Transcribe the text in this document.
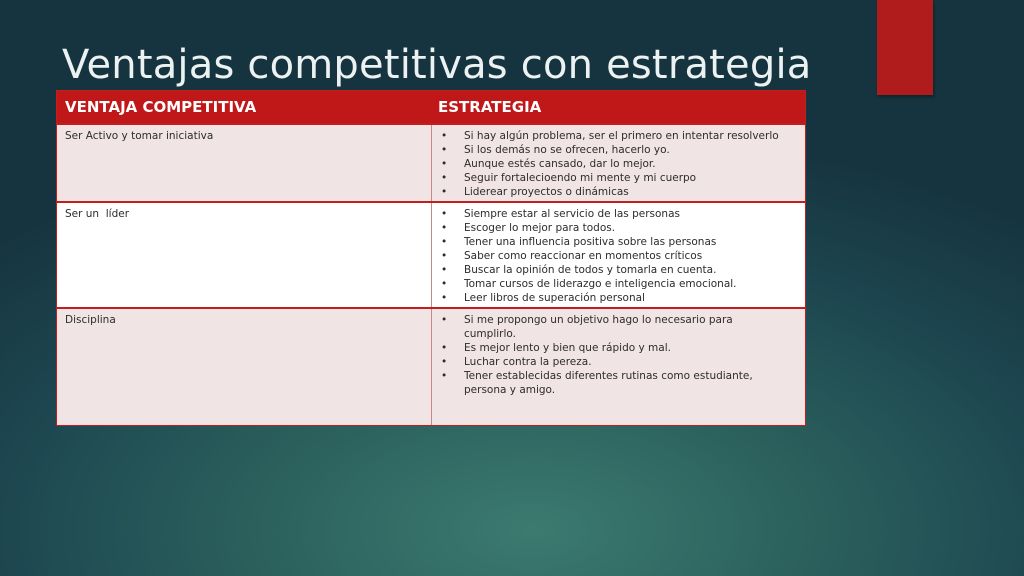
Ventajas competitivas con estrategia
VENTAJA COMPETITIVA	ESTRATEGIA
Ser Activo y tomar iniciativa	• Si hay algún problema, ser el primero en intentar resolverlo
• Si los demás no se ofrecen, hacerlo yo.
• Aunque estés cansado, dar lo mejor.
• Seguir fortalecioendo mi mente y mi cuerpo
• Liderear proyectos o dinámicas
Ser un  líder	• Siempre estar al servicio de las personas
• Escoger lo mejor para todos.
• Tener una influencia positiva sobre las personas
• Saber como reaccionar en momentos críticos
• Buscar la opinión de todos y tomarla en cuenta.
• Tomar cursos de liderazgo e inteligencia emocional.
• Leer libros de superación personal
Disciplina	• Si me propongo un objetivo hago lo necesario para cumplirlo.
• Es mejor lento y bien que rápido y mal.
• Luchar contra la pereza.
• Tener establecidas diferentes rutinas como estudiante, persona y amigo.
